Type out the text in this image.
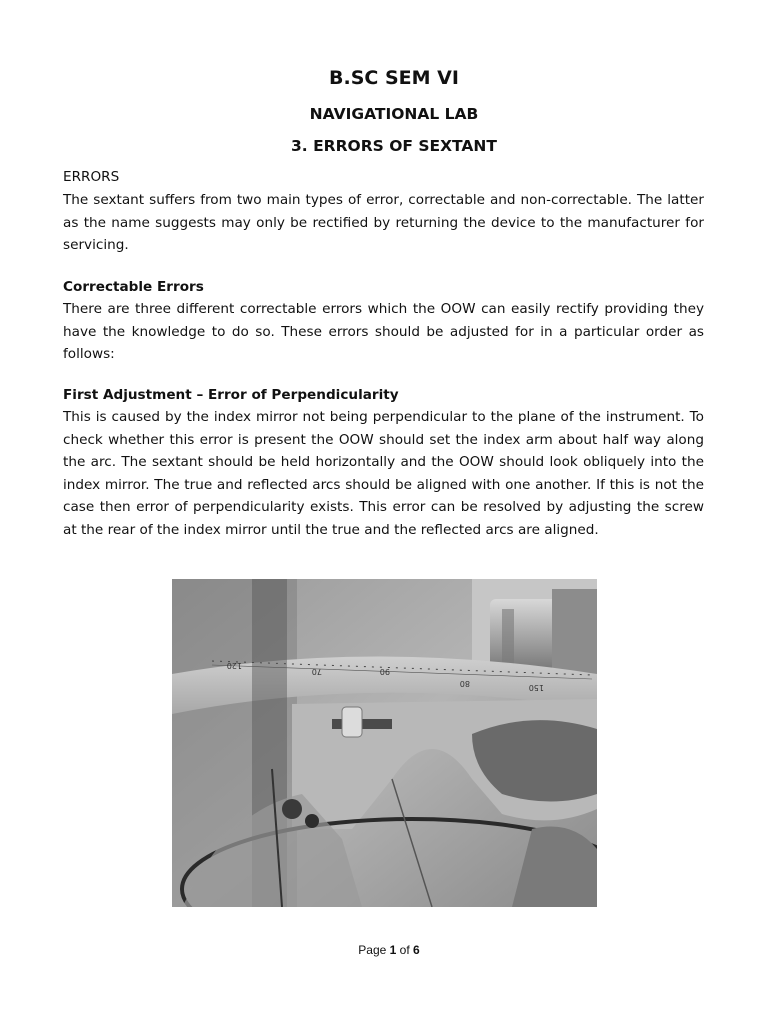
B.SC SEM VI
NAVIGATIONAL LAB
3. ERRORS OF SEXTANT
ERRORS
The sextant suffers from two main types of error, correctable and non-correctable. The latter as the name suggests may only be rectified by returning the device to the manufacturer for servicing.
Correctable Errors
There are three different correctable errors which the OOW can easily rectify providing they have the knowledge to do so. These errors should be adjusted for in a particular order as follows:
First Adjustment – Error of Perpendicularity
This is caused by the index mirror not being perpendicular to the plane of the instrument. To check whether this error is present the OOW should set the index arm about half way along the arc. The sextant should be held horizontally and the OOW should look obliquely into the index mirror. The true and reflected arcs should be aligned with one another. If this is not the case then error of perpendicularity exists. This error can be resolved by adjusting the screw at the rear of the index mirror until the true and the reflected arcs are aligned.
120
90
80
70
150
Page 1 of 6
